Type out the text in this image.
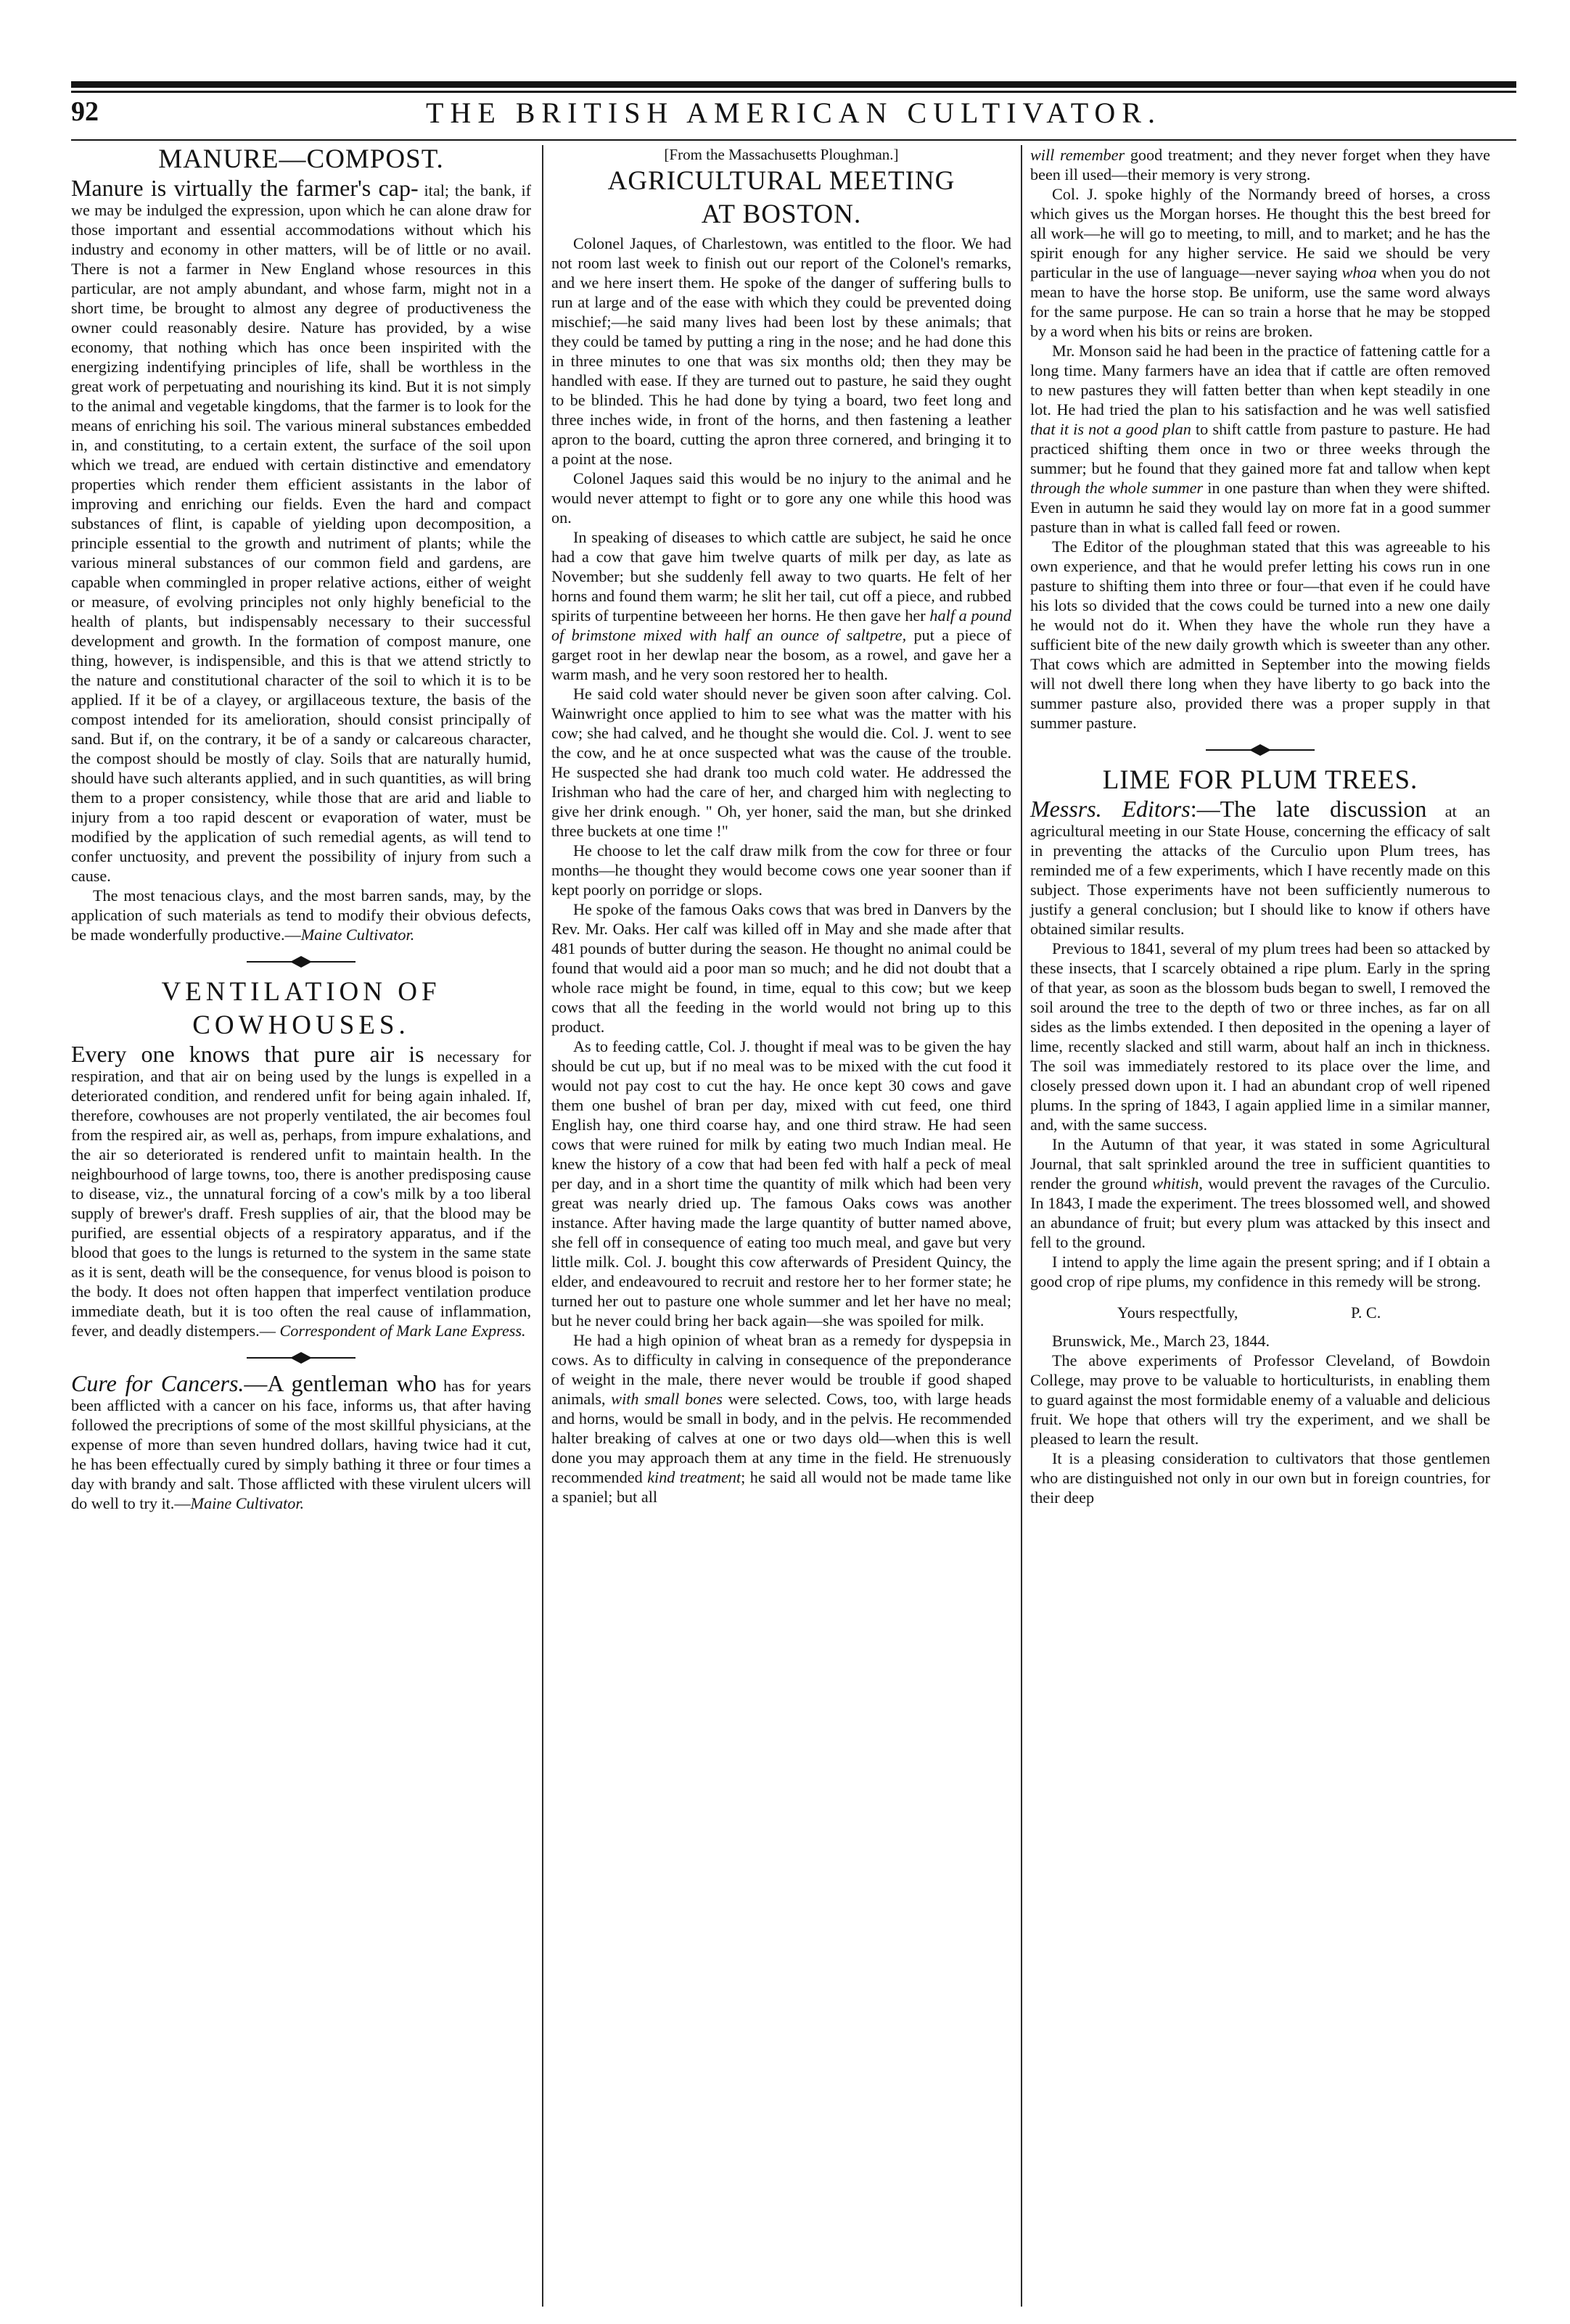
92	THE BRITISH AMERICAN CULTIVATOR.
MANURE—COMPOST.

Manure is virtually the farmer's cap- ital; the bank, if we may be indulged the expression, upon which he can alone draw for those important and essential accommodations without which his industry and economy in other matters, will be of little or no avail. There is not a farmer in New England whose resources in this particular, are not amply abundant, and whose farm, might not in a short time, be brought to almost any degree of productiveness the owner could reasonably desire. Nature has provided, by a wise economy, that nothing which has once been inspirited with the energizing indentifying principles of life, shall be worthless in the great work of perpetuating and nourishing its kind. But it is not simply to the animal and vegetable kingdoms, that the farmer is to look for the means of enriching his soil. The various mineral substances embedded in, and constituting, to a certain extent, the surface of the soil upon which we tread, are endued with certain distinctive and emendatory properties which render them efficient assistants in the labor of improving and enriching our fields. Even the hard and compact substances of flint, is capable of yielding upon decomposition, a principle essential to the growth and nutriment of plants; while the various mineral substances of our common field and gardens, are capable when commingled in proper relative actions, either of weight or measure, of evolving principles not only highly beneficial to the health of plants, but indispensably necessary to their successful development and growth. In the formation of compost manure, one thing, however, is indispensible, and this is that we attend strictly to the nature and constitutional character of the soil to which it is to be applied. If it be of a clayey, or argillaceous texture, the basis of the compost intended for its amelioration, should consist principally of sand. But if, on the contrary, it be of a sandy or calcareous character, the compost should be mostly of clay. Soils that are naturally humid, should have such alterants applied, and in such quantities, as will bring them to a proper consistency, while those that are arid and liable to injury from a too rapid descent or evaporation of water, must be modified by the application of such remedial agents, as will tend to confer unctuosity, and prevent the possibility of injury from such a cause.

The most tenacious clays, and the most barren sands, may, by the application of such materials as tend to modify their obvious defects, be made wonderfully productive.—Maine Cultivator.

VENTILATION OF
COWHOUSES.

Every one knows that pure air is necessary for respiration, and that air on being used by the lungs is expelled in a deteriorated condition, and rendered unfit for being again inhaled. If, therefore, cowhouses are not properly ventilated, the air becomes foul from the respired air, as well as, perhaps, from impure exhalations, and the air so deteriorated is rendered unfit to maintain health. In the neighbourhood of large towns, too, there is another predisposing cause to disease, viz., the unnatural forcing of a cow's milk by a too liberal supply of brewer's draff. Fresh supplies of air, that the blood may be purified, are essential objects of a respiratory apparatus, and if the blood that goes to the lungs is returned to the system in the same state as it is sent, death will be the consequence, for venus blood is poison to the body. It does not often happen that imperfect ventilation produce immediate death, but it is too often the real cause of inflammation, fever, and deadly distempers.— Correspondent of Mark Lane Express.

Cure for Cancers.—A gentleman who has for years been afflicted with a cancer on his face, informs us, that after having followed the precriptions of some of the most skillful physicians, at the expense of more than seven hundred dollars, having twice had it cut, he has been effectually cured by simply bathing it three or four times a day with brandy and salt. Those afflicted with these virulent ulcers will do well to try it.—Maine Cultivator.

[From the Massachusetts Ploughman.]
AGRICULTURAL MEETING
AT BOSTON.

Colonel Jaques, of Charlestown, was entitled to the floor. We had not room last week to finish out our report of the Colonel's remarks, and we here insert them. He spoke of the danger of suffering bulls to run at large and of the ease with which they could be prevented doing mischief;—he said many lives had been lost by these animals; that they could be tamed by putting a ring in the nose; and he had done this in three minutes to one that was six months old; then they may be handled with ease. If they are turned out to pasture, he said they ought to be blinded. This he had done by tying a board, two feet long and three inches wide, in front of the horns, and then fastening a leather apron to the board, cutting the apron three cornered, and bringing it to a point at the nose.

Colonel Jaques said this would be no injury to the animal and he would never attempt to fight or to gore any one while this hood was on.

In speaking of diseases to which cattle are subject, he said he once had a cow that gave him twelve quarts of milk per day, as late as November; but she suddenly fell away to two quarts. He felt of her horns and found them warm; he slit her tail, cut off a piece, and rubbed spirits of turpentine betweeen her horns. He then gave her half a pound of brimstone mixed with half an ounce of saltpetre, put a piece of garget root in her dewlap near the bosom, as a rowel, and gave her a warm mash, and he very soon restored her to health.

He said cold water should never be given soon after calving. Col. Wainwright once applied to him to see what was the matter with his cow; she had calved, and he thought she would die. Col. J. went to see the cow, and he at once suspected what was the cause of the trouble. He suspected she had drank too much cold water. He addressed the Irishman who had the care of her, and charged him with neglecting to give her drink enough. " Oh, yer honer, said the man, but she drinked three buckets at one time !"

He choose to let the calf draw milk from the cow for three or four months—he thought they would become cows one year sooner than if kept poorly on porridge or slops.

He spoke of the famous Oaks cows that was bred in Danvers by the Rev. Mr. Oaks. Her calf was killed off in May and she made after that 481 pounds of butter during the season. He thought no animal could be found that would aid a poor man so much; and he did not doubt that a whole race might be found, in time, equal to this cow; but we keep cows that all the feeding in the world would not bring up to this product.

As to feeding cattle, Col. J. thought if meal was to be given the hay should be cut up, but if no meal was to be mixed with the cut food it would not pay cost to cut the hay. He once kept 30 cows and gave them one bushel of bran per day, mixed with cut feed, one third English hay, one third coarse hay, and one third straw. He had seen cows that were ruined for milk by eating two much Indian meal. He knew the history of a cow that had been fed with half a peck of meal per day, and in a short time the quantity of milk which had been very great was nearly dried up. The famous Oaks cows was another instance. After having made the large quantity of butter named above, she fell off in consequence of eating too much meal, and gave but very little milk. Col. J. bought this cow afterwards of President Quincy, the elder, and endeavoured to recruit and restore her to her former state; he turned her out to pasture one whole summer and let her have no meal; but he never could bring her back again—she was spoiled for milk.

He had a high opinion of wheat bran as a remedy for dyspepsia in cows. As to difficulty in calving in consequence of the preponderance of weight in the male, there never would be trouble if good shaped animals, with small bones were selected. Cows, too, with large heads and horns, would be small in body, and in the pelvis. He recommended halter breaking of calves at one or two days old—when this is well done you may approach them at any time in the field. He strenuously recommended kind treatment; he said all would not be made tame like a spaniel; but all

will remember good treatment; and they never forget when they have been ill used—their memory is very strong.

Col. J. spoke highly of the Normandy breed of horses, a cross which gives us the Morgan horses. He thought this the best breed for all work—he will go to meeting, to mill, and to market; and he has the spirit enough for any higher service. He said we should be very particular in the use of language—never saying whoa when you do not mean to have the horse stop. Be uniform, use the same word always for the same purpose. He can so train a horse that he may be stopped by a word when his bits or reins are broken.

Mr. Monson said he had been in the practice of fattening cattle for a long time. Many farmers have an idea that if cattle are often removed to new pastures they will fatten better than when kept steadily in one lot. He had tried the plan to his satisfaction and he was well satisfied that it is not a good plan to shift cattle from pasture to pasture. He had practiced shifting them once in two or three weeks through the summer; but he found that they gained more fat and tallow when kept through the whole summer in one pasture than when they were shifted. Even in autumn he said they would lay on more fat in a good summer pasture than in what is called fall feed or rowen.

The Editor of the ploughman stated that this was agreeable to his own experience, and that he would prefer letting his cows run in one pasture to shifting them into three or four—that even if he could have his lots so divided that the cows could be turned into a new one daily he would not do it. When they have the whole run they have a sufficient bite of the new daily growth which is sweeter than any other. That cows which are admitted in September into the mowing fields will not dwell there long when they have liberty to go back into the summer pasture also, provided there was a proper supply in that summer pasture.

LIME FOR PLUM TREES.

Messrs. Editors:—The late discussion at an agricultural meeting in our State House, concerning the efficacy of salt in preventing the attacks of the Curculio upon Plum trees, has reminded me of a few experiments, which I have recently made on this subject. Those experiments have not been sufficiently numerous to justify a general conclusion; but I should like to know if others have obtained similar results.

Previous to 1841, several of my plum trees had been so attacked by these insects, that I scarcely obtained a ripe plum. Early in the spring of that year, as soon as the blossom buds began to swell, I removed the soil around the tree to the depth of two or three inches, as far on all sides as the limbs extended. I then deposited in the opening a layer of lime, recently slacked and still warm, about half an inch in thickness. The soil was immediately restored to its place over the lime, and closely pressed down upon it. I had an abundant crop of well ripened plums. In the spring of 1843, I again applied lime in a similar manner, and, with the same success.

In the Autumn of that year, it was stated in some Agricultural Journal, that salt sprinkled around the tree in sufficient quantities to render the ground whitish, would prevent the ravages of the Curculio. In 1843, I made the experiment. The trees blossomed well, and showed an abundance of fruit; but every plum was attacked by this insect and fell to the ground.

I intend to apply the lime again the present spring; and if I obtain a good crop of ripe plums, my confidence in this remedy will be strong.

Yours respectfully,	P. C.

Brunswick, Me., March 23, 1844.

The above experiments of Professor Cleveland, of Bowdoin College, may prove to be valuable to horticulturists, in enabling them to guard against the most formidable enemy of a valuable and delicious fruit. We hope that others will try the experiment, and we shall be pleased to learn the result.

It is a pleasing consideration to cultivators that those gentlemen who are distinguished not only in our own but in foreign countries, for their deep
